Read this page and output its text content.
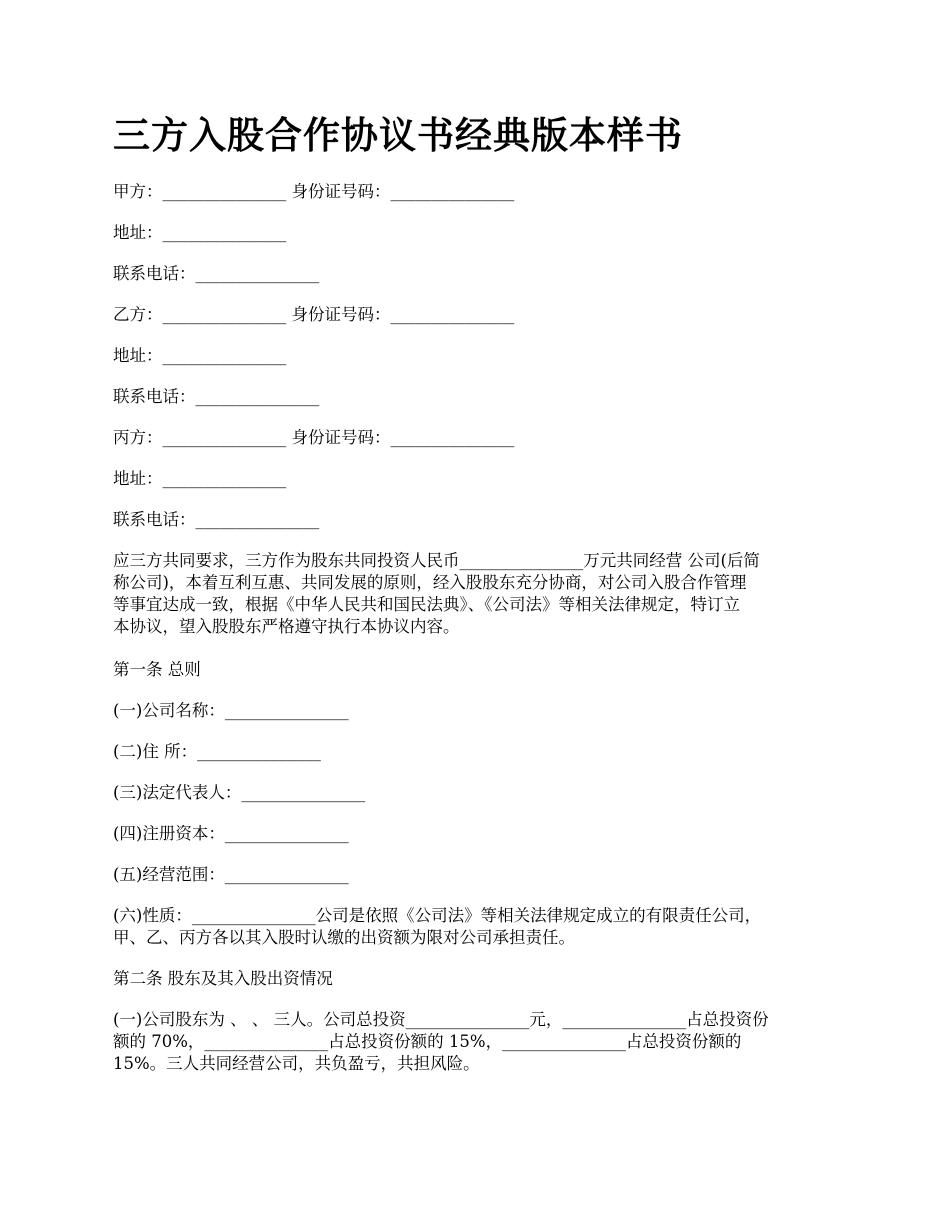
三方入股合作协议书经典版本样书

甲方：_______________ 身份证号码：_______________

地址：_______________

联系电话：_______________

乙方：_______________ 身份证号码：_______________

地址：_______________

联系电话：_______________

丙方：_______________ 身份证号码：_______________

地址：_______________

联系电话：_______________

应三方共同要求，三方作为股东共同投资人民币_______________万元共同经营 公司(后简
称公司)，本着互利互惠、共同发展的原则，经入股股东充分协商，对公司入股合作管理
等事宜达成一致，根据《中华人民共和国民法典》、《公司法》等相关法律规定，特订立
本协议，望入股股东严格遵守执行本协议内容。

第一条 总则

(一)公司名称：_______________

(二)住 所：_______________

(三)法定代表人：_______________

(四)注册资本：_______________

(五)经营范围：_______________

(六)性质：_______________公司是依照《公司法》等相关法律规定成立的有限责任公司，
甲、乙、丙方各以其入股时认缴的出资额为限对公司承担责任。

第二条 股东及其入股出资情况

(一)公司股东为 、 、 三人。公司总投资_______________元，_______________占总投资份
额的 70%，_______________占总投资份额的 15%，_______________占总投资份额的
15%。三人共同经营公司，共负盈亏，共担风险。
